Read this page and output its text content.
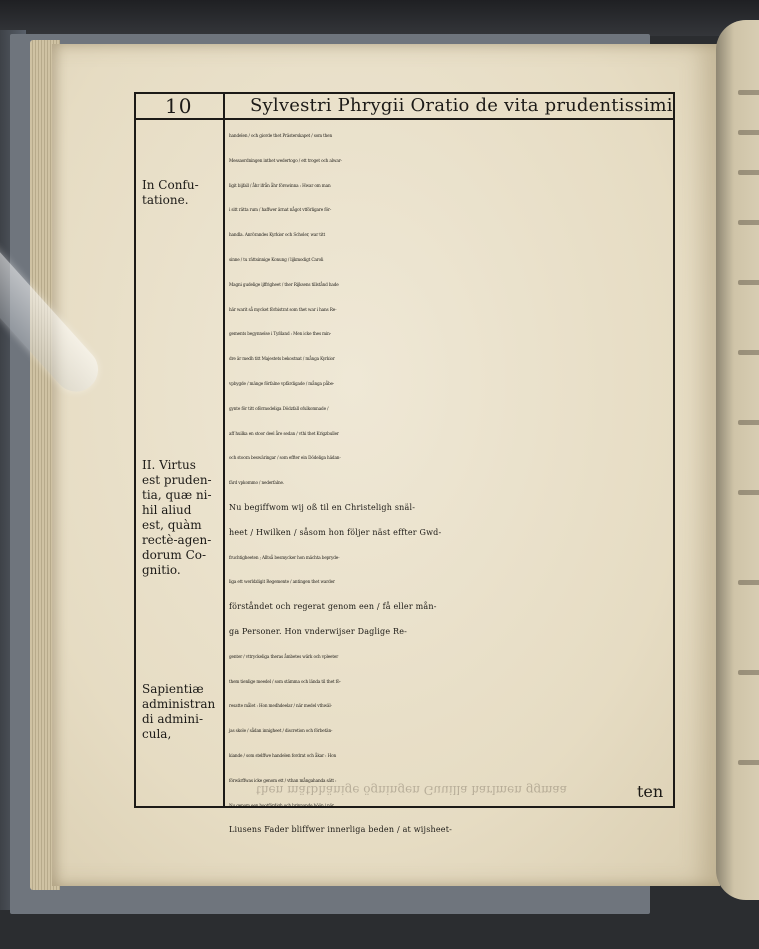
10	Sylvestri Phrygii Oratio de vita prudentissimi
In Confu-
tatione.
II. Virtus
est pruden-
tia, quæ ni-
hil aliud
est, quàm
rectè-agen-
dorum Co-
gnitio.
Sapientiæ
administran
di admini-
cula,
handelen / och giorde thet Prästerskapet / som then
Messaordningen inthet wedertogo / ett troget och alwar-
ligit bijfall / åhr ifrån åhr förswinna : Hwar om man
i sitt rätta rum / haffwer ärnat något vtförligare för-
handla. Anrörandes Kyrkior och Scholer, war titt
sinne / tu rättsinnige Konung / lijkmodigt Caroli
Magni gudelige ijffrigheet / ther Rijksens tillstånd hade
här warit så mycket förbistrat som thet war i hans Re-
gements begynnelse i Tyßland : Men icke thes min-
dre är medh titt Majestets bekostnat / många Kyrkior
vpbygde / mänge förfalne vpfärdigade / många påbe-
gynte för titt oförmodeliga Dödzfall ofulkomnade /
aff huilka en stoor deel åre sedan / vthi thet Krigzbuller
och stoora beswäringar / som effter ein Dödeliga hädan-
färd vpkommo / nederfalne.
Nu begiffwom wij oß til en Christeligh snäl-
heet / Hwilken / såsom hon följer näst effter Gwd-
fruchtigheeten ; Alltså besmycker hon mächta bepryde-
liga ett werldzligit Regemente / antingen thet warder
förståndet och regerat genom een / få eller mån-
ga Personer. Hon vnderwijser Daglige Re-
genter / vttryckeliga theras åmbetes wärk och vpleeter
them tienlige meedel / som stämma och lända til thet fö-
resatte målet : Hon medhdeelar / när medel vthwäl-
jas skole / sådan innigheet / discretion och förbetän-
kiande / som stelffwe handelen fordrat och åkar : Hon
förwärffwas icke genom ett / vthan mångahanda sätt :
Nu genom een bootfärdigh och brinnande böön / när
Liusens Fader bliffwer innerliga beden / at wijsheet-
then mätbhänige ögningen Guuilla harlmen ggmaa	ten
